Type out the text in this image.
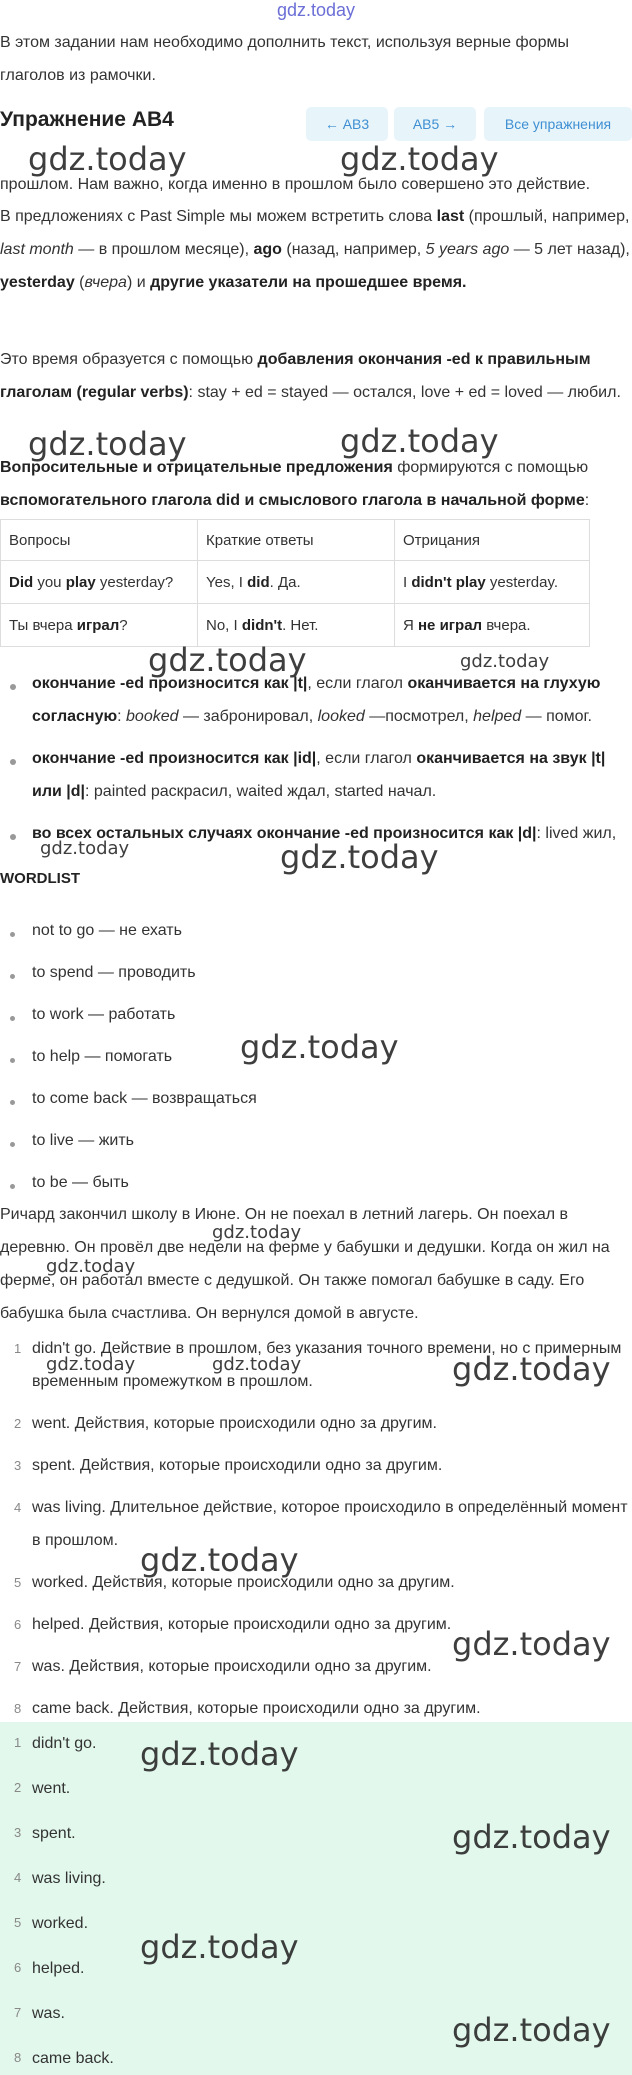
gdz.today

В этом задании нам необходимо дополнить текст, используя верные формы глаголов из рамочки.

Упражнение AB4	← AB3	AB5 →	Все упражнения

прошлом. Нам важно, когда именно в прошлом было совершено это действие.

В предложениях с Past Simple мы можем встретить слова last (прошлый, например, last month — в прошлом месяце), ago (назад, например, 5 years ago — 5 лет назад), yesterday (вчера) и другие указатели на прошедшее время.

Это время образуется с помощью добавления окончания -ed к правильным глаголам (regular verbs): stay + ed = stayed — остался, love + ed = loved — любил.

Вопросительные и отрицательные предложения формируются с помощью вспомогательного глагола did и смыслового глагола в начальной форме:

Вопросы	Краткие ответы	Отрицания
Did you play yesterday?	Yes, I did. Да.	I didn't play yesterday.
Ты вчера играл?	No, I didn't. Нет.	Я не играл вчера.

окончание -ed произносится как |t|, если глагол оканчивается на глухую согласную: booked — забронировал, looked —посмотрел, helped — помог.

окончание -ed произносится как |id|, если глагол оканчивается на звук |t| или |d|: painted раскрасил, waited ждал, started начал.

во всех остальных случаях окончание -ed произносится как |d|: lived жил,

WORDLIST
not to go — не ехать
to spend — проводить
to work — работать
to help — помогать
to come back — возвращаться
to live — жить
to be — быть

Ричард закончил школу в Июне. Он не поехал в летний лагерь. Он поехал в деревню. Он провёл две недели на ферме у бабушки и дедушки. Когда он жил на ферме, он работал вместе с дедушкой. Он также помогал бабушке в саду. Его бабушка была счастлива. Он вернулся домой в августе.

1 didn't go. Действие в прошлом, без указания точного времени, но с примерным временным промежутком в прошлом.

2 went. Действия, которые происходили одно за другим.

3 spent. Действия, которые происходили одно за другим.

4 was living. Длительное действие, которое происходило в определённый момент в прошлом.

5 worked. Действия, которые происходили одно за другим.

6 helped. Действия, которые происходили одно за другим.

7 was. Действия, которые происходили одно за другим.

8 came back. Действия, которые происходили одно за другим.

1 didn't go.
2 went.
3 spent.
4 was living.
5 worked.
6 helped.
7 was.
8 came back.
gdz.today	gdz.today
gdz.today	gdz.today
gdz.today	gdz.today
gdz.today	gdz.today
gdz.today
gdz.today
gdz.today
gdz.today	gdz.today	gdz.today
gdz.today
gdz.today
gdz.today
gdz.today
gdz.today
gdz.today
